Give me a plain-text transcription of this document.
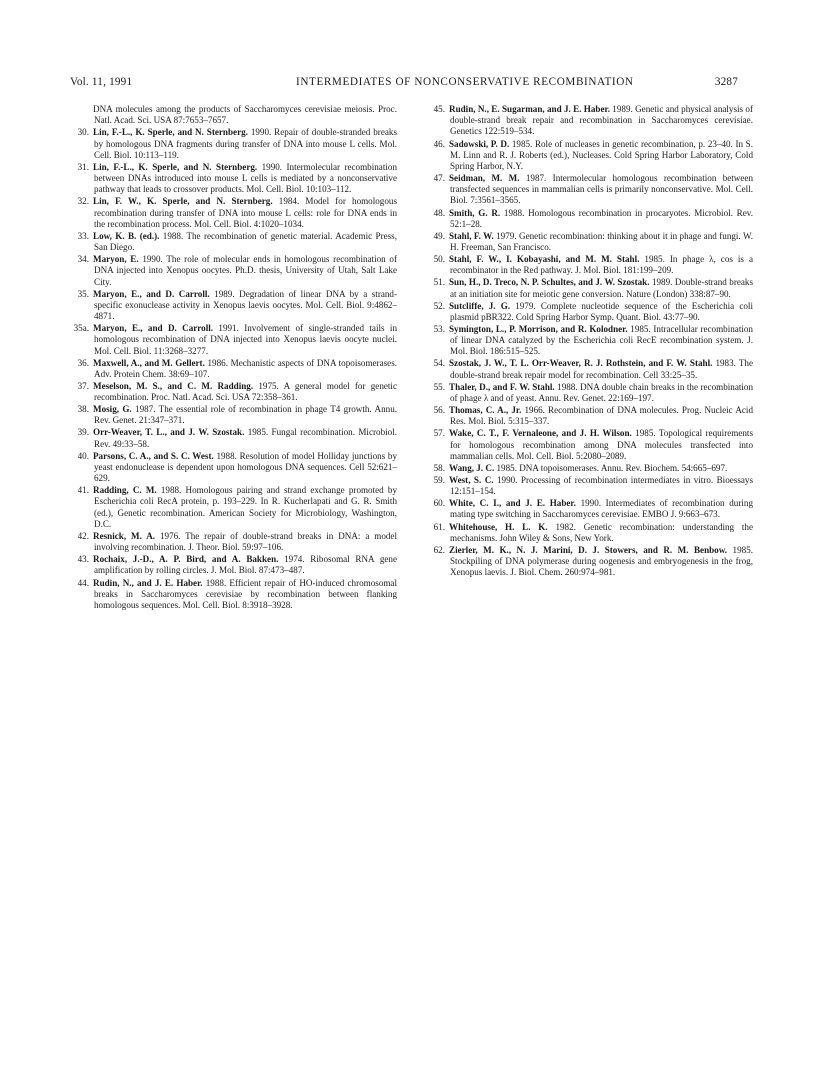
Vol. 11, 1991	INTERMEDIATES OF NONCONSERVATIVE RECOMBINATION	3287

DNA molecules among the products of Saccharomyces cerevisiae meiosis. Proc. Natl. Acad. Sci. USA 87:7653–7657.

30. Lin, F.-L., K. Sperle, and N. Sternberg. 1990. Repair of double-stranded breaks by homologous DNA fragments during transfer of DNA into mouse L cells. Mol. Cell. Biol. 10:113–119.

31. Lin, F.-L., K. Sperle, and N. Sternberg. 1990. Intermolecular recombination between DNAs introduced into mouse L cells is mediated by a nonconservative pathway that leads to crossover products. Mol. Cell. Biol. 10:103–112.

32. Lin, F. W., K. Sperle, and N. Sternberg. 1984. Model for homologous recombination during transfer of DNA into mouse L cells: role for DNA ends in the recombination process. Mol. Cell. Biol. 4:1020–1034.

33. Low, K. B. (ed.). 1988. The recombination of genetic material. Academic Press, San Diego.

34. Maryon, E. 1990. The role of molecular ends in homologous recombination of DNA injected into Xenopus oocytes. Ph.D. thesis, University of Utah, Salt Lake City.

35. Maryon, E., and D. Carroll. 1989. Degradation of linear DNA by a strand-specific exonuclease activity in Xenopus laevis oocytes. Mol. Cell. Biol. 9:4862–4871.

35a. Maryon, E., and D. Carroll. 1991. Involvement of single-stranded tails in homologous recombination of DNA injected into Xenopus laevis oocyte nuclei. Mol. Cell. Biol. 11:3268–3277.

36. Maxwell, A., and M. Gellert. 1986. Mechanistic aspects of DNA topoisomerases. Adv. Protein Chem. 38:69–107.

37. Meselson, M. S., and C. M. Radding. 1975. A general model for genetic recombination. Proc. Natl. Acad. Sci. USA 72:358–361.

38. Mosig, G. 1987. The essential role of recombination in phage T4 growth. Annu. Rev. Genet. 21:347–371.

39. Orr-Weaver, T. L., and J. W. Szostak. 1985. Fungal recombination. Microbiol. Rev. 49:33–58.

40. Parsons, C. A., and S. C. West. 1988. Resolution of model Holliday junctions by yeast endonuclease is dependent upon homologous DNA sequences. Cell 52:621–629.

41. Radding, C. M. 1988. Homologous pairing and strand exchange promoted by Escherichia coli RecA protein, p. 193–229. In R. Kucherlapati and G. R. Smith (ed.), Genetic recombination. American Society for Microbiology, Washington, D.C.

42. Resnick, M. A. 1976. The repair of double-strand breaks in DNA: a model involving recombination. J. Theor. Biol. 59:97–106.

43. Rochaix, J.-D., A. P. Bird, and A. Bakken. 1974. Ribosomal RNA gene amplification by rolling circles. J. Mol. Biol. 87:473–487.

44. Rudin, N., and J. E. Haber. 1988. Efficient repair of HO-induced chromosomal breaks in Saccharomyces cerevisiae by recombination between flanking homologous sequences. Mol. Cell. Biol. 8:3918–3928.

45. Rudin, N., E. Sugarman, and J. E. Haber. 1989. Genetic and physical analysis of double-strand break repair and recombination in Saccharomyces cerevisiae. Genetics 122:519–534.

46. Sadowski, P. D. 1985. Role of nucleases in genetic recombination, p. 23–40. In S. M. Linn and R. J. Roberts (ed.), Nucleases. Cold Spring Harbor Laboratory, Cold Spring Harbor, N.Y.

47. Seidman, M. M. 1987. Intermolecular homologous recombination between transfected sequences in mammalian cells is primarily nonconservative. Mol. Cell. Biol. 7:3561–3565.

48. Smith, G. R. 1988. Homologous recombination in procaryotes. Microbiol. Rev. 52:1–28.

49. Stahl, F. W. 1979. Genetic recombination: thinking about it in phage and fungi. W. H. Freeman, San Francisco.

50. Stahl, F. W., I. Kobayashi, and M. M. Stahl. 1985. In phage λ, cos is a recombinator in the Red pathway. J. Mol. Biol. 181:199–209.

51. Sun, H., D. Treco, N. P. Schultes, and J. W. Szostak. 1989. Double-strand breaks at an initiation site for meiotic gene conversion. Nature (London) 338:87–90.

52. Sutcliffe, J. G. 1979. Complete nucleotide sequence of the Escherichia coli plasmid pBR322. Cold Spring Harbor Symp. Quant. Biol. 43:77–90.

53. Symington, L., P. Morrison, and R. Kolodner. 1985. Intracellular recombination of linear DNA catalyzed by the Escherichia coli RecE recombination system. J. Mol. Biol. 186:515–525.

54. Szostak, J. W., T. L. Orr-Weaver, R. J. Rothstein, and F. W. Stahl. 1983. The double-strand break repair model for recombination. Cell 33:25–35.

55. Thaler, D., and F. W. Stahl. 1988. DNA double chain breaks in the recombination of phage λ and of yeast. Annu. Rev. Genet. 22:169–197.

56. Thomas, C. A., Jr. 1966. Recombination of DNA molecules. Prog. Nucleic Acid Res. Mol. Biol. 5:315–337.

57. Wake, C. T., F. Vernaleone, and J. H. Wilson. 1985. Topological requirements for homologous recombination among DNA molecules transfected into mammalian cells. Mol. Cell. Biol. 5:2080–2089.

58. Wang, J. C. 1985. DNA topoisomerases. Annu. Rev. Biochem. 54:665–697.

59. West, S. C. 1990. Processing of recombination intermediates in vitro. Bioessays 12:151–154.

60. White, C. I., and J. E. Haber. 1990. Intermediates of recombination during mating type switching in Saccharomyces cerevisiae. EMBO J. 9:663–673.

61. Whitehouse, H. L. K. 1982. Genetic recombination: understanding the mechanisms. John Wiley & Sons, New York.

62. Zierler, M. K., N. J. Marini, D. J. Stowers, and R. M. Benbow. 1985. Stockpiling of DNA polymerase during oogenesis and embryogenesis in the frog, Xenopus laevis. J. Biol. Chem. 260:974–981.
